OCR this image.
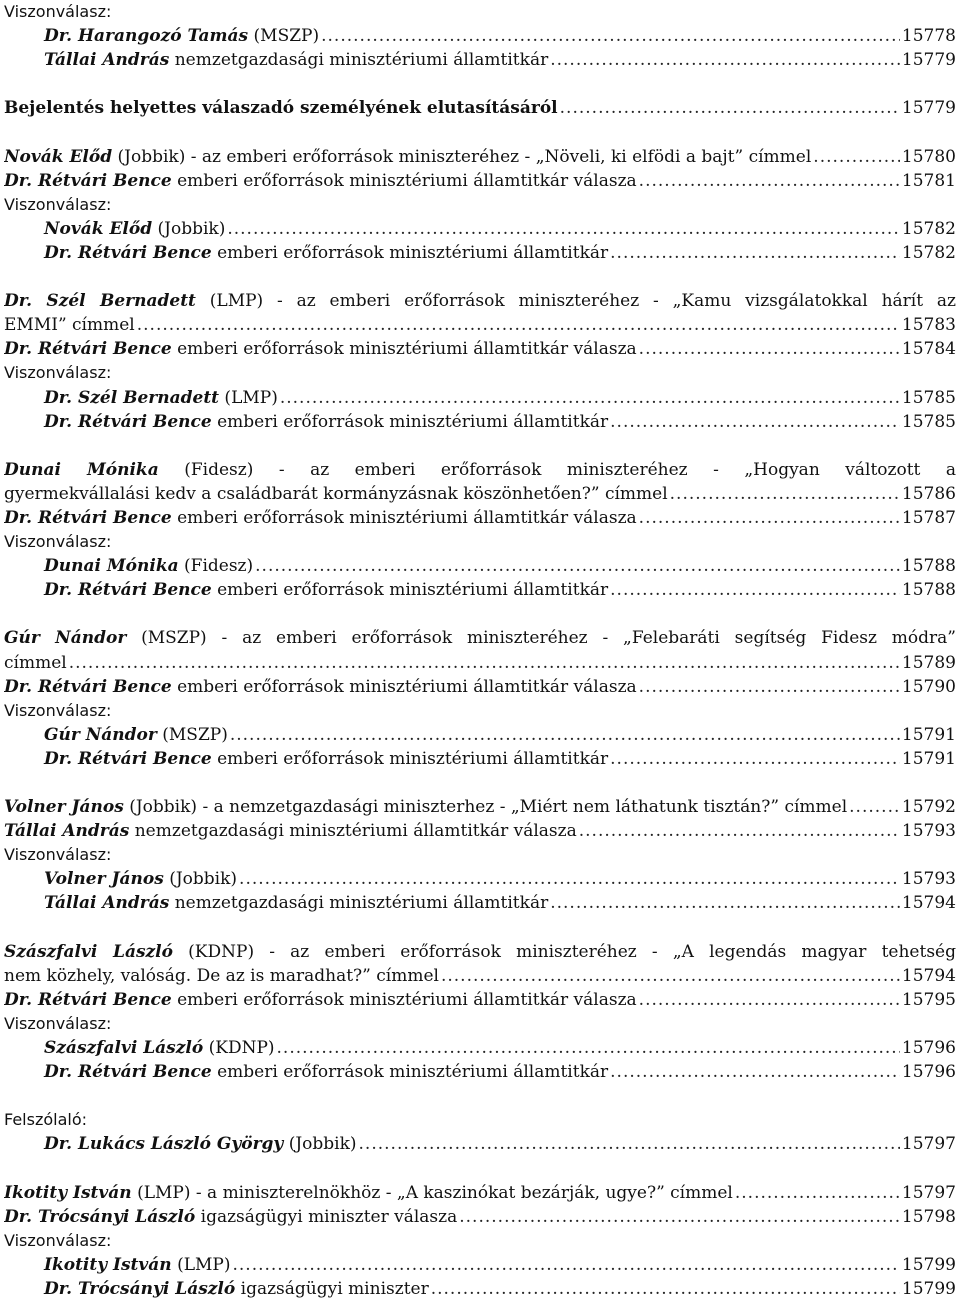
Viszonválasz:
Dr. Harangozó Tamás (MSZP) .....	15778
Tállai András nemzetgazdasági minisztériumi államtitkár .....	15779
Bejelentés helyettes válaszadó személyének elutasításáról .....	15779
Novák Előd (Jobbik) - az emberi erőforrások miniszteréhez - „Növeli, ki elfödi a bajt” címmel .....	15780
Dr. Rétvári Bence emberi erőforrások minisztériumi államtitkár válasza .....	15781
Viszonválasz:
Novák Előd (Jobbik) .....	15782
Dr. Rétvári Bence emberi erőforrások minisztériumi államtitkár .....	15782
Dr. Szél Bernadett (LMP) - az emberi erőforrások miniszteréhez - „Kamu vizsgálatokkal hárít az
EMMI” címmel .....	15783
Dr. Rétvári Bence emberi erőforrások minisztériumi államtitkár válasza .....	15784
Viszonválasz:
Dr. Szél Bernadett (LMP) .....	15785
Dr. Rétvári Bence emberi erőforrások minisztériumi államtitkár .....	15785
Dunai Mónika (Fidesz) - az emberi erőforrások miniszteréhez - „Hogyan változott a
gyermekvállalási kedv a családbarát kormányzásnak köszönhetően?” címmel .....	15786
Dr. Rétvári Bence emberi erőforrások minisztériumi államtitkár válasza .....	15787
Viszonválasz:
Dunai Mónika (Fidesz) .....	15788
Dr. Rétvári Bence emberi erőforrások minisztériumi államtitkár .....	15788
Gúr Nándor (MSZP) - az emberi erőforrások miniszteréhez - „Felebaráti segítség Fidesz módra”
címmel .....	15789
Dr. Rétvári Bence emberi erőforrások minisztériumi államtitkár válasza .....	15790
Viszonválasz:
Gúr Nándor (MSZP) .....	15791
Dr. Rétvári Bence emberi erőforrások minisztériumi államtitkár .....	15791
Volner János (Jobbik) - a nemzetgazdasági miniszterhez - „Miért nem láthatunk tisztán?” címmel .....	15792
Tállai András nemzetgazdasági minisztériumi államtitkár válasza .....	15793
Viszonválasz:
Volner János (Jobbik) .....	15793
Tállai András nemzetgazdasági minisztériumi államtitkár .....	15794
Szászfalvi László (KDNP) - az emberi erőforrások miniszteréhez - „A legendás magyar tehetség
nem közhely, valóság. De az is maradhat?” címmel .....	15794
Dr. Rétvári Bence emberi erőforrások minisztériumi államtitkár válasza .....	15795
Viszonválasz:
Szászfalvi László (KDNP) .....	15796
Dr. Rétvári Bence emberi erőforrások minisztériumi államtitkár .....	15796
Felszólaló:
Dr. Lukács László György (Jobbik) .....	15797
Ikotity István (LMP) - a miniszterelnökhöz - „A kaszinókat bezárják, ugye?” címmel .....	15797
Dr. Trócsányi László igazságügyi miniszter válasza .....	15798
Viszonválasz:
Ikotity István (LMP) .....	15799
Dr. Trócsányi László igazságügyi miniszter .....	15799
